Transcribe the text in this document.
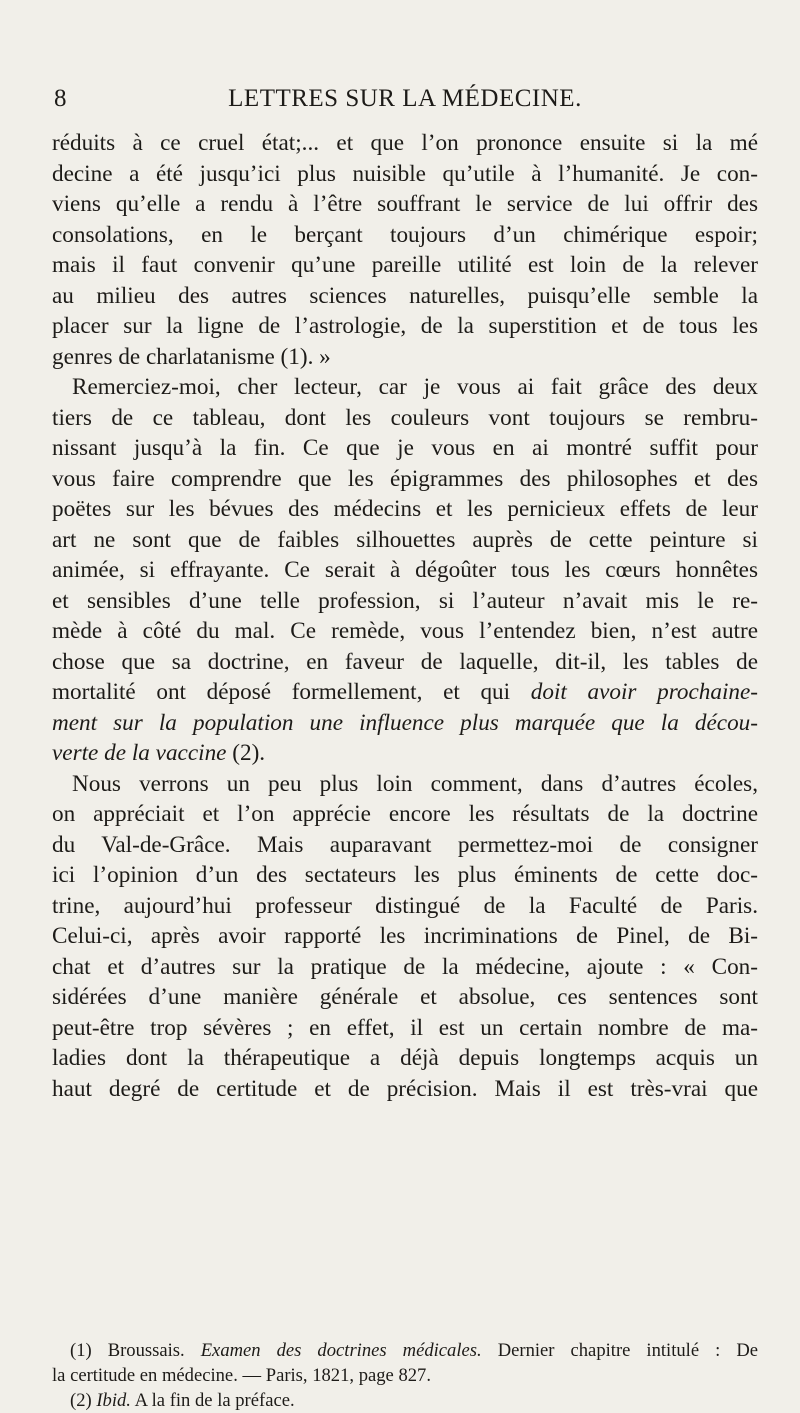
8	LETTRES SUR LA MÉDECINE.
réduits à ce cruel état;... et que l’on prononce ensuite si la mé
decine a été jusqu’ici plus nuisible qu’utile à l’humanité. Je con-
viens qu’elle a rendu à l’être souffrant le service de lui offrir des
consolations, en le berçant toujours d’un chimérique espoir;
mais il faut convenir qu’une pareille utilité est loin de la relever
au milieu des autres sciences naturelles, puisqu’elle semble la
placer sur la ligne de l’astrologie, de la superstition et de tous les
genres de charlatanisme (1). »
Remerciez-moi, cher lecteur, car je vous ai fait grâce des deux
tiers de ce tableau, dont les couleurs vont toujours se rembru-
nissant jusqu’à la fin. Ce que je vous en ai montré suffit pour
vous faire comprendre que les épigrammes des philosophes et des
poëtes sur les bévues des médecins et les pernicieux effets de leur
art ne sont que de faibles silhouettes auprès de cette peinture si
animée, si effrayante. Ce serait à dégoûter tous les cœurs honnêtes
et sensibles d’une telle profession, si l’auteur n’avait mis le re-
mède à côté du mal. Ce remède, vous l’entendez bien, n’est autre
chose que sa doctrine, en faveur de laquelle, dit-il, les tables de
mortalité ont déposé formellement, et qui doit avoir prochaine-
ment sur la population une influence plus marquée que la décou-
verte de la vaccine (2).
Nous verrons un peu plus loin comment, dans d’autres écoles,
on appréciait et l’on apprécie encore les résultats de la doctrine
du Val-de-Grâce. Mais auparavant permettez-moi de consigner
ici l’opinion d’un des sectateurs les plus éminents de cette doc-
trine, aujourd’hui professeur distingué de la Faculté de Paris.
Celui-ci, après avoir rapporté les incriminations de Pinel, de Bi-
chat et d’autres sur la pratique de la médecine, ajoute : « Con-
sidérées d’une manière générale et absolue, ces sentences sont
peut-être trop sévères ; en effet, il est un certain nombre de ma-
ladies dont la thérapeutique a déjà depuis longtemps acquis un
haut degré de certitude et de précision. Mais il est très-vrai que
(1) Broussais. Examen des doctrines médicales. Dernier chapitre intitulé : De
la certitude en médecine. — Paris, 1821, page 827.
(2) Ibid. A la fin de la préface.
